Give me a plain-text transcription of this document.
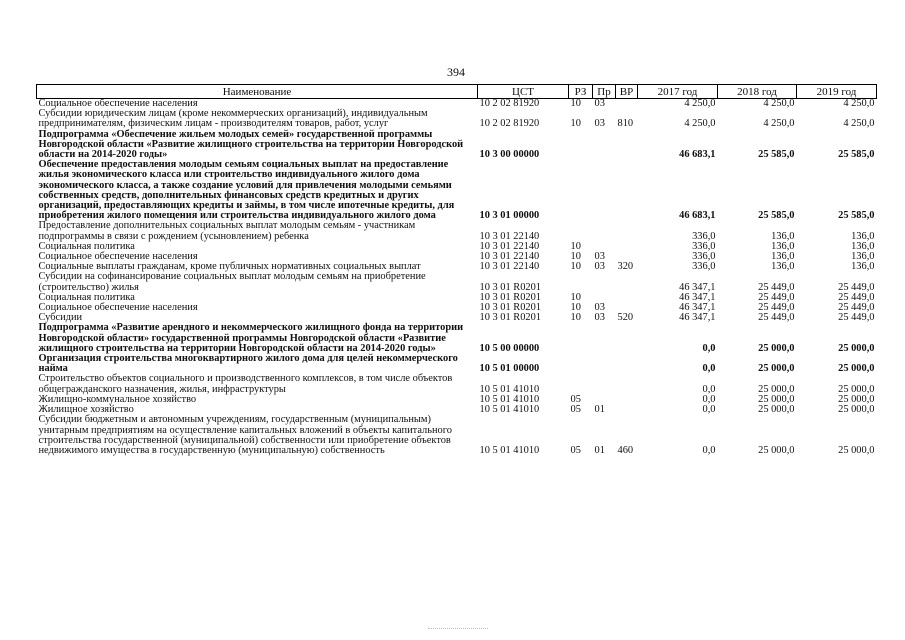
394
Наименование	ЦСТ	РЗ	Пр	ВР	2017 год	2018 год	2019 год
Социальное обеспечение населения	10 2 02 81920	10	03		4 250,0	4 250,0	4 250,0
Субсидии юридическим лицам (кроме некоммерческих организаций), индивидуальным предпринимателям, физическим лицам - производителям товаров, работ, услуг	10 2 02 81920	10	03	810	4 250,0	4 250,0	4 250,0
Подпрограмма «Обеспечение жильем молодых семей» государственной программы Новгородской области «Развитие жилищного строительства на территории Новгородской области на 2014-2020 годы»	10 3 00 00000				46 683,1	25 585,0	25 585,0
Обеспечение предоставления молодым семьям социальных выплат на предоставление жилья экономического класса или строительство индивидуального жилого дома экономического класса, а также создание условий для привлечения молодыми семьями собственных средств, дополнительных финансовых средств кредитных и других организаций, предоставляющих кредиты и займы, в том числе ипотечные кредиты, для приобретения жилого помещения или строительства индивидуального жилого дома	10 3 01 00000				46 683,1	25 585,0	25 585,0
Предоставление дополнительных социальных выплат молодым семьям - участникам подпрограммы в связи с рождением (усыновлением) ребенка	10 3 01 22140				336,0	136,0	136,0
Социальная политика	10 3 01 22140	10			336,0	136,0	136,0
Социальное обеспечение населения	10 3 01 22140	10	03		336,0	136,0	136,0
Социальные выплаты гражданам, кроме публичных нормативных социальных выплат	10 3 01 22140	10	03	320	336,0	136,0	136,0
Субсидии на софинансирование социальных выплат молодым семьям на приобретение (строительство) жилья	10 3 01 R0201				46 347,1	25 449,0	25 449,0
Социальная политика	10 3 01 R0201	10			46 347,1	25 449,0	25 449,0
Социальное обеспечение населения	10 3 01 R0201	10	03		46 347,1	25 449,0	25 449,0
Субсидии	10 3 01 R0201	10	03	520	46 347,1	25 449,0	25 449,0
Подпрограмма «Развитие арендного и некоммерческого жилищного фонда на территории Новгородской области» государственной программы Новгородской области «Развитие жилищного строительства на территории Новгородской области на 2014-2020 годы»	10 5 00 00000				0,0	25 000,0	25 000,0
Организация строительства многоквартирного жилого дома для целей некоммерческого найма	10 5 01 00000				0,0	25 000,0	25 000,0
Строительство объектов социального и производственного комплексов, в том числе объектов общегражданского назначения, жилья, инфраструктуры	10 5 01 41010				0,0	25 000,0	25 000,0
Жилищно-коммунальное хозяйство	10 5 01 41010	05			0,0	25 000,0	25 000,0
Жилищное хозяйство	10 5 01 41010	05	01		0,0	25 000,0	25 000,0
Субсидии бюджетным и автономным учреждениям, государственным (муниципальным) унитарным предприятиям на осуществление капитальных вложений в объекты капитального строительства государственной (муниципальной) собственности или приобретение объектов недвижимого имущества в государственную (муниципальную) собственность	10 5 01 41010	05	01	460	0,0	25 000,0	25 000,0
